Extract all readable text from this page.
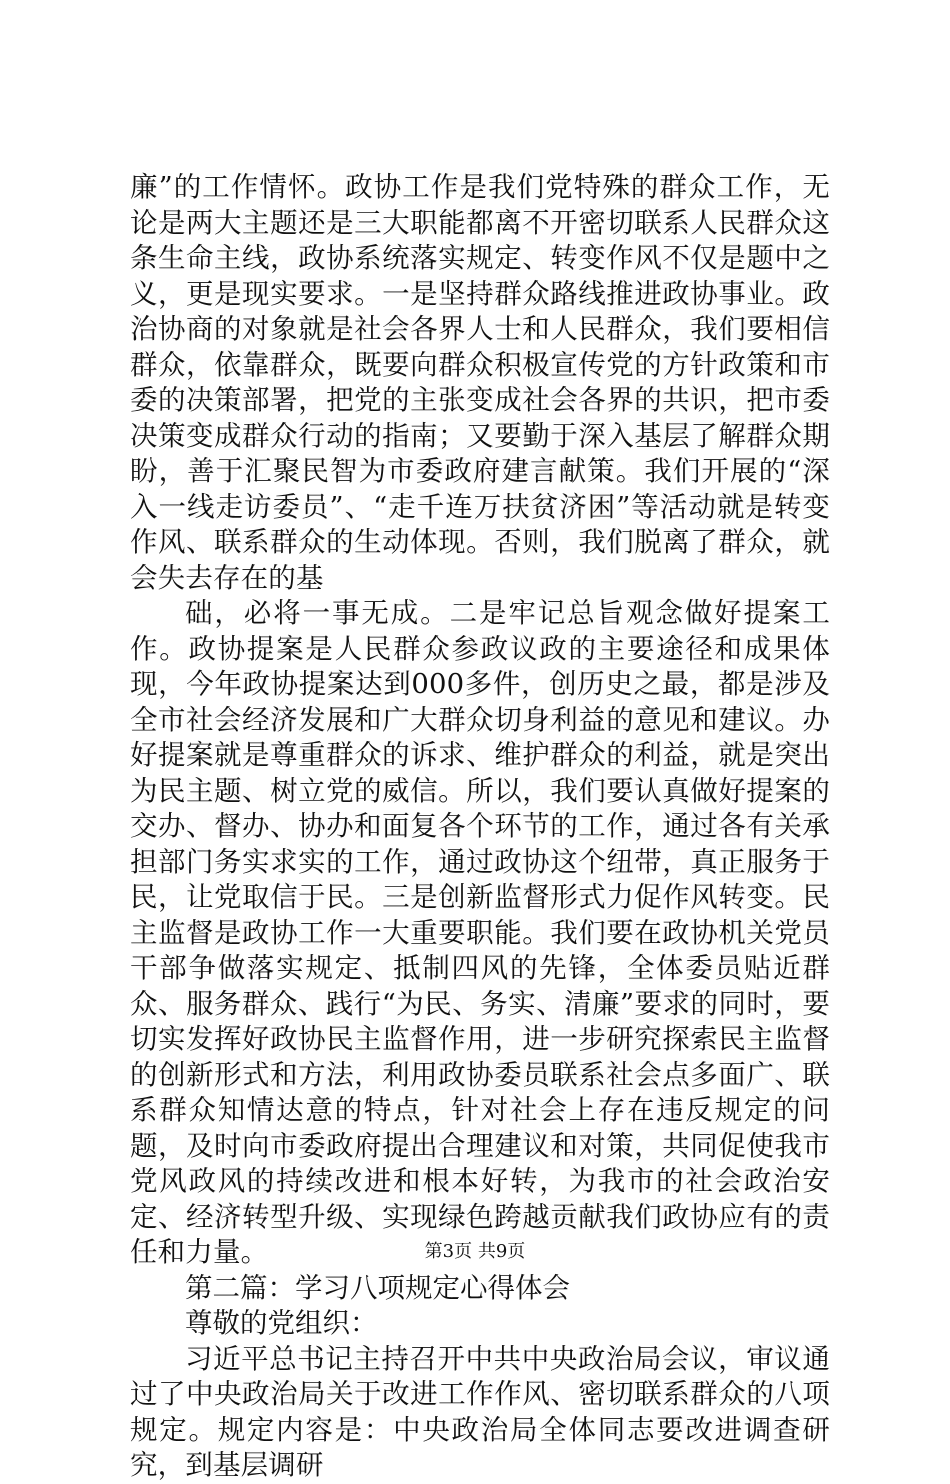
廉”的工作情怀。政协工作是我们党特殊的群众工作，无论是两大主题还是三大职能都离不开密切联系人民群众这条生命主线，政协系统落实规定、转变作风不仅是题中之义，更是现实要求。一是坚持群众路线推进政协事业。政治协商的对象就是社会各界人士和人民群众，我们要相信群众，依靠群众，既要向群众积极宣传党的方针政策和市委的决策部署，把党的主张变成社会各界的共识，把市委决策变成群众行动的指南；又要勤于深入基层了解群众期盼，善于汇聚民智为市委政府建言献策。我们开展的“深入一线走访委员”、“走千连万扶贫济困”等活动就是转变作风、联系群众的生动体现。否则，我们脱离了群众，就会失去存在的基

础，必将一事无成。二是牢记总旨观念做好提案工作。政协提案是人民群众参政议政的主要途径和成果体现，今年政协提案达到000多件，创历史之最，都是涉及全市社会经济发展和广大群众切身利益的意见和建议。办好提案就是尊重群众的诉求、维护群众的利益，就是突出为民主题、树立党的威信。所以，我们要认真做好提案的交办、督办、协办和面复各个环节的工作，通过各有关承担部门务实求实的工作，通过政协这个纽带，真正服务于民，让党取信于民。三是创新监督形式力促作风转变。民主监督是政协工作一大重要职能。我们要在政协机关党员干部争做落实规定、抵制四风的先锋，全体委员贴近群众、服务群众、践行“为民、务实、清廉”要求的同时，要切实发挥好政协民主监督作用，进一步研究探索民主监督的创新形式和方法，利用政协委员联系社会点多面广、联系群众知情达意的特点，针对社会上存在违反规定的问题，及时向市委政府提出合理建议和对策，共同促使我市党风政风的持续改进和根本好转，为我市的社会政治安定、经济转型升级、实现绿色跨越贡献我们政协应有的责任和力量。

第二篇：学习八项规定心得体会

尊敬的党组织：

习近平总书记主持召开中共中央政治局会议，审议通过了中央政治局关于改进工作作风、密切联系群众的八项规定。规定内容是：中央政治局全体同志要改进调查研究，到基层调研

第3页 共9页
